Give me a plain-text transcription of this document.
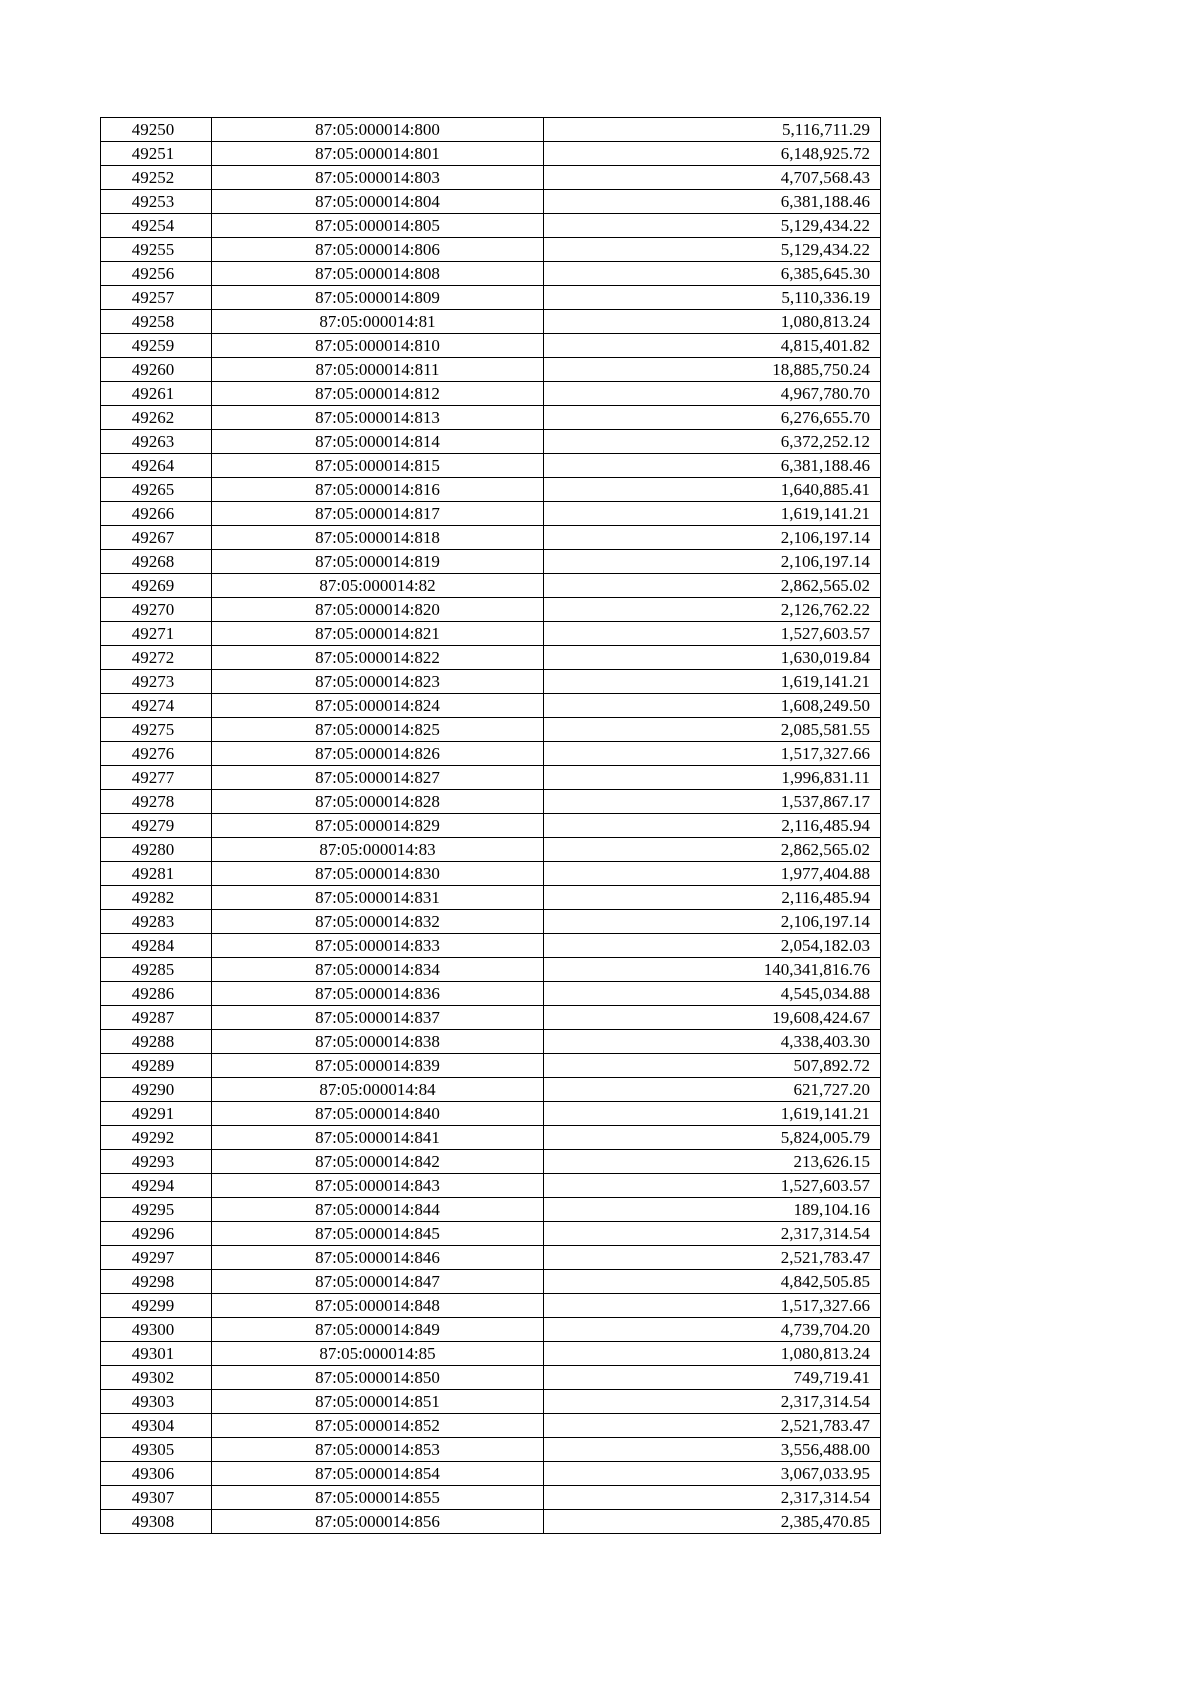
49250	87:05:000014:800	5,116,711.29
49251	87:05:000014:801	6,148,925.72
49252	87:05:000014:803	4,707,568.43
49253	87:05:000014:804	6,381,188.46
49254	87:05:000014:805	5,129,434.22
49255	87:05:000014:806	5,129,434.22
49256	87:05:000014:808	6,385,645.30
49257	87:05:000014:809	5,110,336.19
49258	87:05:000014:81	1,080,813.24
49259	87:05:000014:810	4,815,401.82
49260	87:05:000014:811	18,885,750.24
49261	87:05:000014:812	4,967,780.70
49262	87:05:000014:813	6,276,655.70
49263	87:05:000014:814	6,372,252.12
49264	87:05:000014:815	6,381,188.46
49265	87:05:000014:816	1,640,885.41
49266	87:05:000014:817	1,619,141.21
49267	87:05:000014:818	2,106,197.14
49268	87:05:000014:819	2,106,197.14
49269	87:05:000014:82	2,862,565.02
49270	87:05:000014:820	2,126,762.22
49271	87:05:000014:821	1,527,603.57
49272	87:05:000014:822	1,630,019.84
49273	87:05:000014:823	1,619,141.21
49274	87:05:000014:824	1,608,249.50
49275	87:05:000014:825	2,085,581.55
49276	87:05:000014:826	1,517,327.66
49277	87:05:000014:827	1,996,831.11
49278	87:05:000014:828	1,537,867.17
49279	87:05:000014:829	2,116,485.94
49280	87:05:000014:83	2,862,565.02
49281	87:05:000014:830	1,977,404.88
49282	87:05:000014:831	2,116,485.94
49283	87:05:000014:832	2,106,197.14
49284	87:05:000014:833	2,054,182.03
49285	87:05:000014:834	140,341,816.76
49286	87:05:000014:836	4,545,034.88
49287	87:05:000014:837	19,608,424.67
49288	87:05:000014:838	4,338,403.30
49289	87:05:000014:839	507,892.72
49290	87:05:000014:84	621,727.20
49291	87:05:000014:840	1,619,141.21
49292	87:05:000014:841	5,824,005.79
49293	87:05:000014:842	213,626.15
49294	87:05:000014:843	1,527,603.57
49295	87:05:000014:844	189,104.16
49296	87:05:000014:845	2,317,314.54
49297	87:05:000014:846	2,521,783.47
49298	87:05:000014:847	4,842,505.85
49299	87:05:000014:848	1,517,327.66
49300	87:05:000014:849	4,739,704.20
49301	87:05:000014:85	1,080,813.24
49302	87:05:000014:850	749,719.41
49303	87:05:000014:851	2,317,314.54
49304	87:05:000014:852	2,521,783.47
49305	87:05:000014:853	3,556,488.00
49306	87:05:000014:854	3,067,033.95
49307	87:05:000014:855	2,317,314.54
49308	87:05:000014:856	2,385,470.85
